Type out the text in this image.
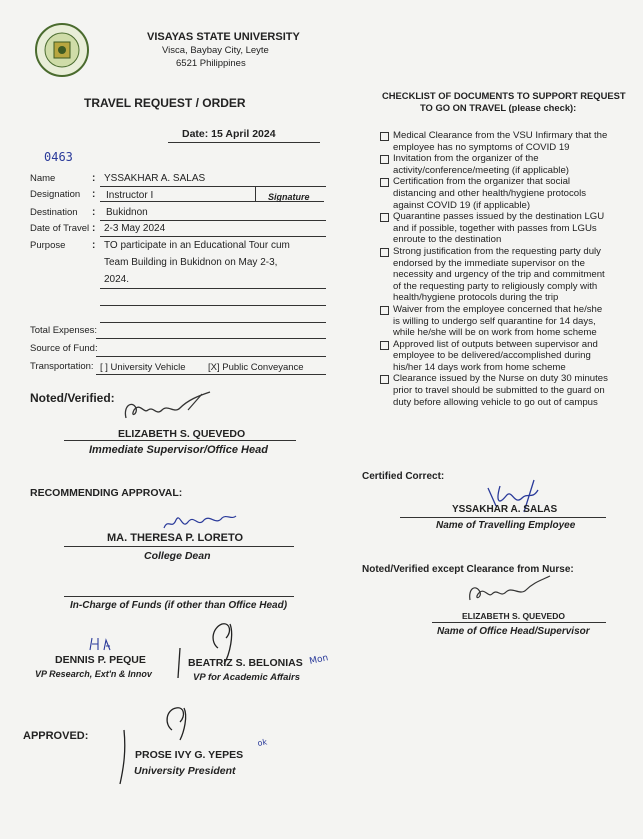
VISAYAS STATE UNIVERSITY
Visca, Baybay City, Leyte
6521 Philippines
TRAVEL REQUEST / ORDER
Date: 15 April 2024
0463
Name	: YSSAKHAR A. SALAS
Designation : Instructor I	Signature
Destination : Bukidnon
Date of Travel : 2-3 May 2024
Purpose	: TO participate in an Educational Tour cum
Team Building in Bukidnon on May 2-3,
2024.
Total Expenses:
Source of Fund:
Transportation: [ ] University Vehicle [X] Public Conveyance
Noted/Verified:
ELIZABETH S. QUEVEDO
Immediate Supervisor/Office Head
RECOMMENDING APPROVAL:
MA. THERESA P. LORETO
College Dean
In-Charge of Funds (if other than Office Head)
DENNIS P. PEQUE
VP Research, Ext'n & Innov
Mon
BEATRIZ S. BELONIAS
VP for Academic Affairs
APPROVED:
ok
PROSE IVY G. YEPES
University President
CHECKLIST OF DOCUMENTS TO SUPPORT REQUEST
TO GO ON TRAVEL (please check):
Medical Clearance from the VSU Infirmary that the
employee has no symptoms of COVID 19
Invitation from the organizer of the
activity/conference/meeting (if applicable)
Certification from the organizer that social
distancing and other health/hygiene protocols
against COVID 19 (if applicable)
Quarantine passes issued by the destination LGU
and if possible, together with passes from LGUs
enroute to the destination
Strong justification from the requesting party duly
endorsed by the immediate supervisor on the
necessity and urgency of the trip and commitment
of the requesting party to religiously comply with
health/hygiene protocols during the trip
Waiver from the employee concerned that he/she
is willing to undergo self quarantine for 14 days,
while he/she will be on work from home scheme
Approved list of outputs between supervisor and
employee to be delivered/accomplished during
his/her 14 days work from home scheme
Clearance issued by the Nurse on duty 30 minutes
prior to travel should be submitted to the guard on
duty before allowing vehicle to go out of campus
Certified Correct:
YSSAKHAR A. SALAS
Name of Travelling Employee
Noted/Verified except Clearance from Nurse:
ELIZABETH S. QUEVEDO
Name of Office Head/Supervisor
